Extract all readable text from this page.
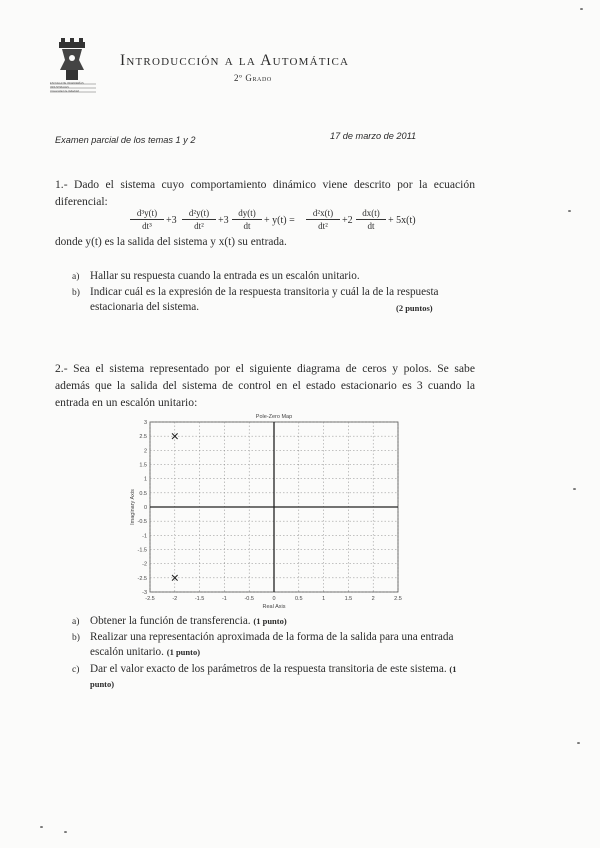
ESCUELA DE INGENIERÍAS
INDUSTRIALES
Universidad de Valladolid
Introducción a la Automática
2º Grado
Examen parcial de los temas 1 y 2	17 de marzo de 2011
1.- Dado el sistema cuyo comportamiento dinámico viene descrito por la ecuación diferencial:
$\frac{\text{d³y(t)}}{\text{dt³}} +3 \frac{\text{d²y(t)}}{\text{dt²}} +3 \frac{dy(t)}{dt} + y(t) = \frac{\text{d²x(t)}}{\text{dt²}} +2 \frac{dx(t)}{dt} + 5x(t)$
donde y(t) es la salida del sistema y x(t) su entrada.
a) Hallar su respuesta cuando la entrada es un escalón unitario.
b) Indicar cuál es la expresión de la respuesta transitoria y cuál la de la respuesta estacionaria del sistema.	(2 puntos)
2.- Sea el sistema representado por el siguiente diagrama de ceros y polos. Se sabe además que la salida del sistema de control en el estado estacionario es 3 cuando la entrada en un escalón unitario:
-2.5	-2	-1.5	-1	-0.5	0	0.5	1	1.5	2	2.5
3
2.5
2
1.5
1
0.5
0
-0.5
-1
-1.5
-2
-2.5
-3
Pole-Zero Map
Real Axis
Imaginary Axis
a) Obtener la función de transferencia. (1 punto)
b) Realizar una representación aproximada de la forma de la salida para una entrada escalón unitario. (1 punto)
c) Dar el valor exacto de los parámetros de la respuesta transitoria de este sistema. (1 punto)
